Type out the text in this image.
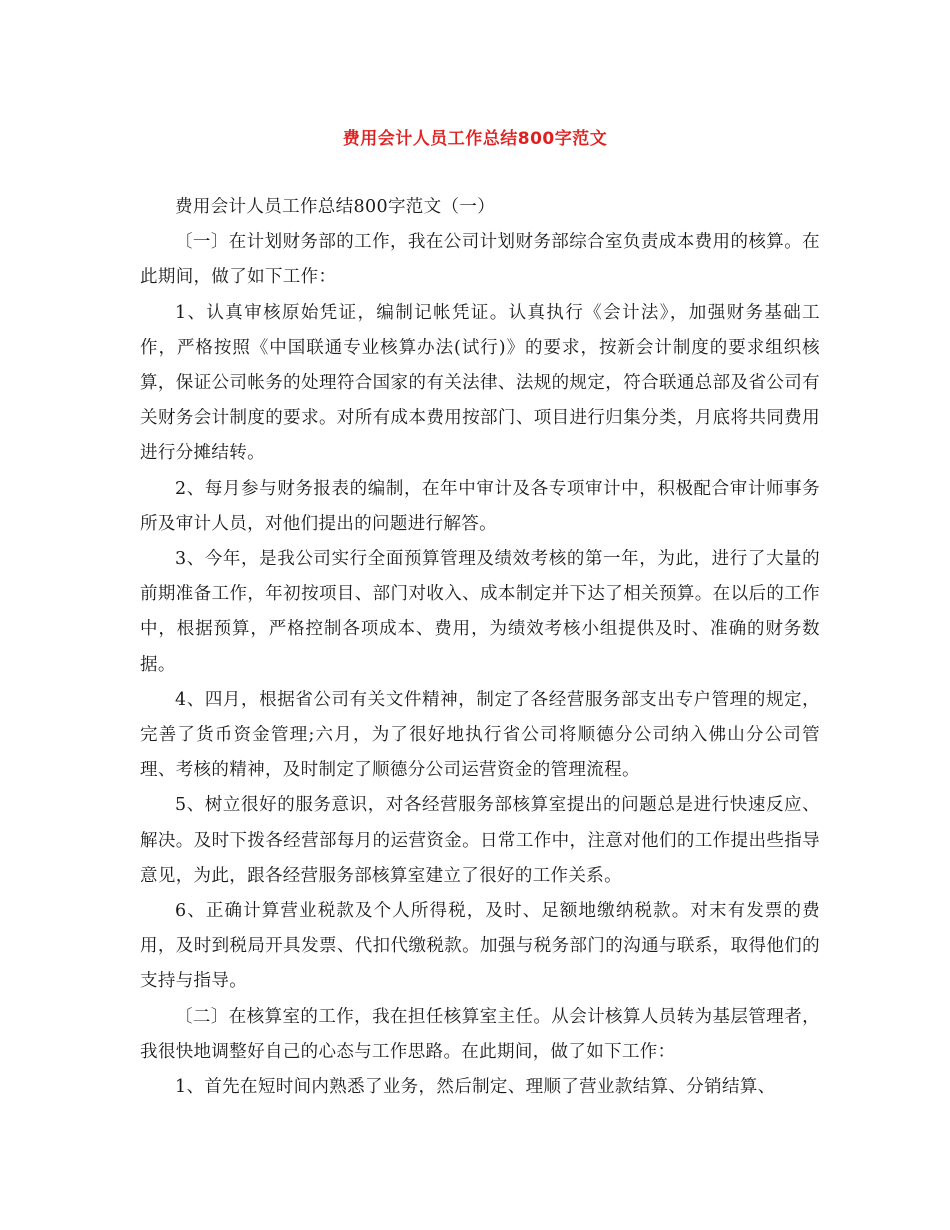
费用会计人员工作总结800字范文

费用会计人员工作总结800字范文（一）

〔一〕在计划财务部的工作，我在公司计划财务部综合室负责成本费用的核算。在此期间，做了如下工作：

1、认真审核原始凭证，编制记帐凭证。认真执行《会计法》，加强财务基础工作，严格按照《中国联通专业核算办法(试行)》的要求，按新会计制度的要求组织核算，保证公司帐务的处理符合国家的有关法律、法规的规定，符合联通总部及省公司有关财务会计制度的要求。对所有成本费用按部门、项目进行归集分类，月底将共同费用进行分摊结转。

2、每月参与财务报表的编制，在年中审计及各专项审计中，积极配合审计师事务所及审计人员，对他们提出的问题进行解答。

3、今年，是我公司实行全面预算管理及绩效考核的第一年，为此，进行了大量的前期准备工作，年初按项目、部门对收入、成本制定并下达了相关预算。在以后的工作中，根据预算，严格控制各项成本、费用，为绩效考核小组提供及时、准确的财务数据。

4、四月，根据省公司有关文件精神，制定了各经营服务部支出专户管理的规定，完善了货币资金管理;六月，为了很好地执行省公司将顺德分公司纳入佛山分公司管理、考核的精神，及时制定了顺德分公司运营资金的管理流程。

5、树立很好的服务意识，对各经营服务部核算室提出的问题总是进行快速反应、解决。及时下拨各经营部每月的运营资金。日常工作中，注意对他们的工作提出些指导意见，为此，跟各经营服务部核算室建立了很好的工作关系。

6、正确计算营业税款及个人所得税，及时、足额地缴纳税款。对末有发票的费用，及时到税局开具发票、代扣代缴税款。加强与税务部门的沟通与联系，取得他们的支持与指导。

〔二〕在核算室的工作，我在担任核算室主任。从会计核算人员转为基层管理者，我很快地调整好自己的心态与工作思路。在此期间，做了如下工作：

1、首先在短时间内熟悉了业务，然后制定、理顺了营业款结算、分销结算、
